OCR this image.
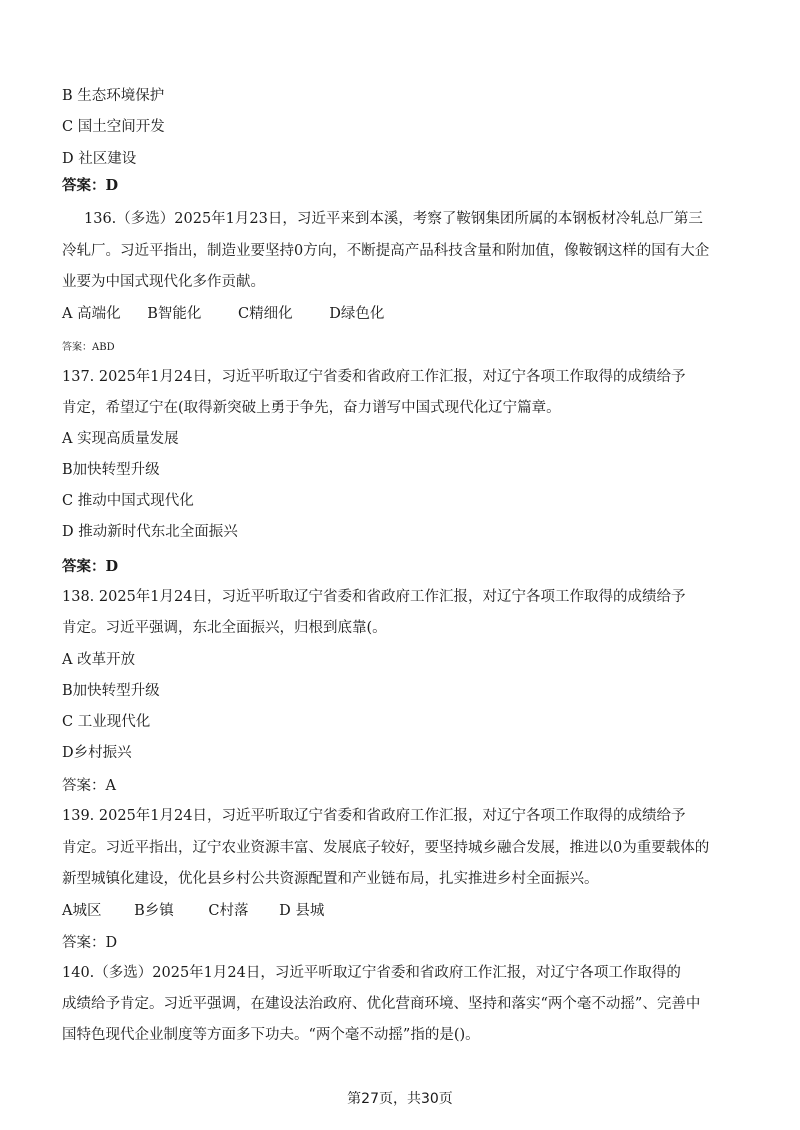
B 生态环境保护
C 国土空间开发
D 社区建设
答案：D
136.（多选）2025年1月23日，习近平来到本溪，考察了鞍钢集团所属的本钢板材冷轧总厂第三
冷轧厂。习近平指出，制造业要坚持0方向，不断提高产品科技含量和附加值，像鞍钢这样的国有大企
业要为中国式现代化多作贡献。
A 高端化 B智能化	C精细化	D绿色化
答案：ABD
137. 2025年1月24日，习近平听取辽宁省委和省政府工作汇报，对辽宁各项工作取得的成绩给予
肯定，希望辽宁在(取得新突破上勇于争先，奋力谱写中国式现代化辽宁篇章。
A 实现高质量发展
B加快转型升级
C 推动中国式现代化
D 推动新时代东北全面振兴
答案：D
138. 2025年1月24日，习近平听取辽宁省委和省政府工作汇报，对辽宁各项工作取得的成绩给予
肯定。习近平强调，东北全面振兴，归根到底靠(。
A 改革开放
B加快转型升级
C 工业现代化
D乡村振兴
答案：A
139. 2025年1月24日，习近平听取辽宁省委和省政府工作汇报，对辽宁各项工作取得的成绩给予
肯定。习近平指出，辽宁农业资源丰富、发展底子较好，要坚持城乡融合发展，推进以0为重要载体的
新型城镇化建设，优化县乡村公共资源配置和产业链布局，扎实推进乡村全面振兴。
A城区 B乡镇 C村落 D 县城
答案：D
140.（多选）2025年1月24日，习近平听取辽宁省委和省政府工作汇报，对辽宁各项工作取得的
成绩给予肯定。习近平强调，在建设法治政府、优化营商环境、坚持和落实“两个毫不动摇”、完善中
国特色现代企业制度等方面多下功夫。“两个毫不动摇”指的是()。
第27页，共30页
